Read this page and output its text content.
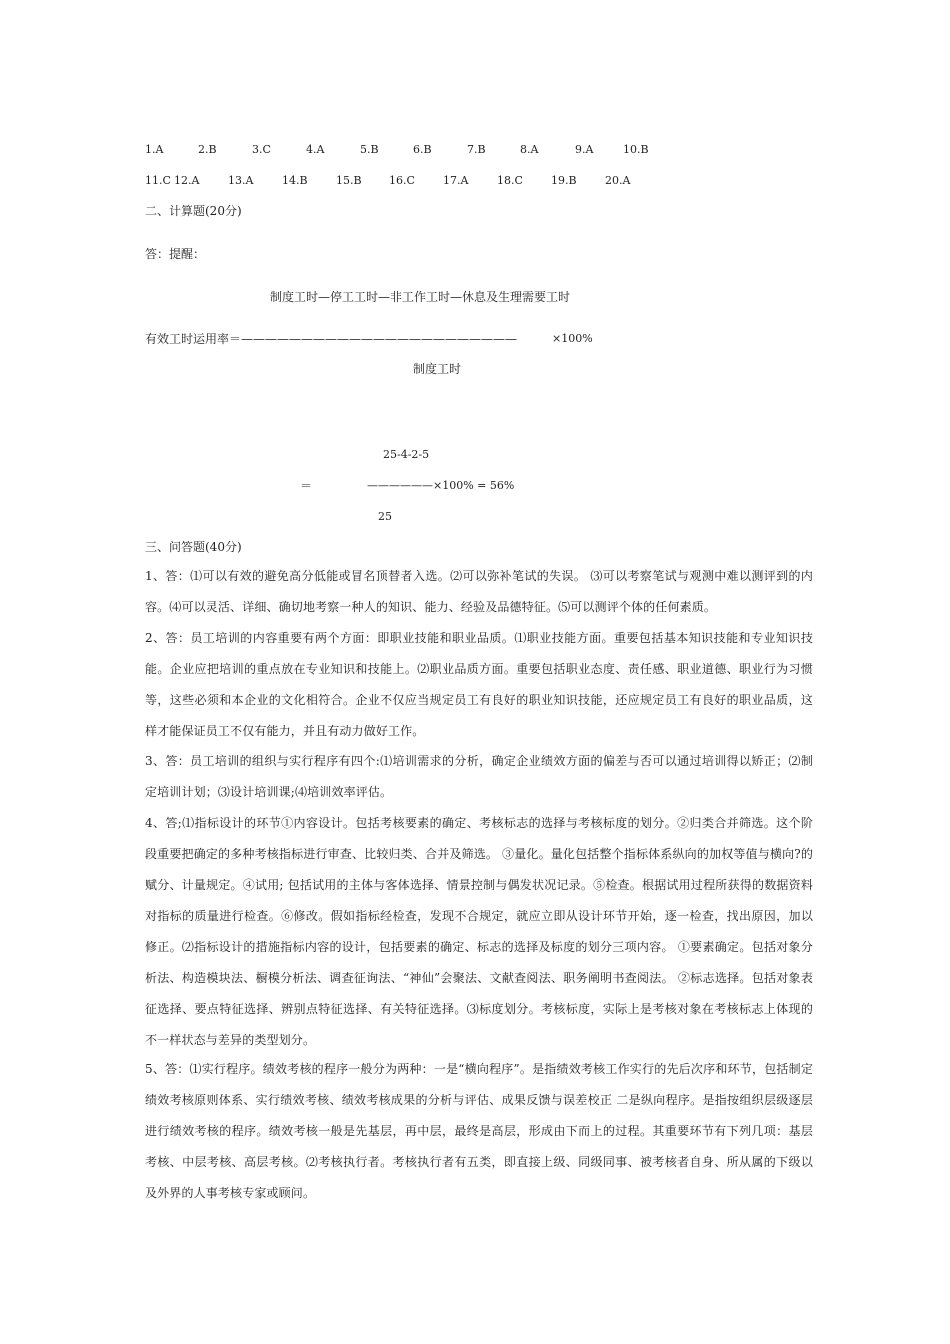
1.A	2.B	3.C	4.A	5.B	6.B	7.B	8.A	9.A	10.B
11.C 12.A	13.A	14.B	15.B 16.C	17.A	18.C	19.B	20.A
二、计算题(20分)
答：提醒：
制度工时—停工工时—非工作工时—休息及生理需要工时
有效工时运用率＝———————————————————————	×100%
制度工时
25-4-2-5
＝	——————×100% = 56%
25
三、问答题(40分)
1、答：⑴可以有效的避免高分低能或冒名顶替者入选。⑵可以弥补笔试的失误。 ⑶可以考察笔试与观测中难以测评到的内容。⑷可以灵活、详细、确切地考察一种人的知识、能力、经验及品德特征。⑸可以测评个体的任何素质。
2、答：员工培训的内容重要有两个方面：即职业技能和职业品质。⑴职业技能方面。重要包括基本知识技能和专业知识技能。企业应把培训的重点放在专业知识和技能上。⑵职业品质方面。重要包括职业态度、责任感、职业道德、职业行为习惯等，这些必须和本企业的文化相符合。企业不仅应当规定员工有良好的职业知识技能，还应规定员工有良好的职业品质，这样才能保证员工不仅有能力，并且有动力做好工作。
3、答：员工培训的组织与实行程序有四个:⑴培训需求的分析，确定企业绩效方面的偏差与否可以通过培训得以矫正；⑵制定培训计划；⑶设计培训课;⑷培训效率评估。
4、答;⑴指标设计的环节①内容设计。包括考核要素的确定、考核标志的选择与考核标度的划分。②归类合并筛选。这个阶段重要把确定的多种考核指标进行审查、比较归类、合并及筛选。 ③量化。量化包括整个指标体系纵向的加权等值与横向?的赋分、计量规定。④试用; 包括试用的主体与客体选择、情景控制与偶发状况记录。⑤检查。根据试用过程所获得的数据资料对指标的质量进行检查。⑥修改。假如指标经检查，发现不合规定，就应立即从设计环节开始，逐一检查，找出原因，加以修正。⑵指标设计的措施指标内容的设计，包括要素的确定、标志的选择及标度的划分三项内容。 ①要素确定。包括对象分析法、构造模块法、橱模分析法、调查征询法、“神仙”会聚法、文献查阅法、职务阐明书查阅法。 ②标志选择。包括对象表征选择、要点特征选择、辨别点特征选择、有关特征选择。⑶标度划分。考核标度，实际上是考核对象在考核标志上体现的不一样状态与差异的类型划分。
5、答：⑴实行程序。绩效考核的程序一般分为两种：一是“横向程序”。是指绩效考核工作实行的先后次序和环节，包括制定绩效考核原则体系、实行绩效考核、绩效考核成果的分析与评估、成果反馈与误差校正 二是纵向程序。是指按组织层级逐层进行绩效考核的程序。绩效考核一般是先基层，再中层，最终是高层，形成由下而上的过程。其重要环节有下列几项：基层考核、中层考核、高层考核。⑵考核执行者。考核执行者有五类，即直接上级、同级同事、被考核者自身、所从属的下级以及外界的人事考核专家或顾问。
